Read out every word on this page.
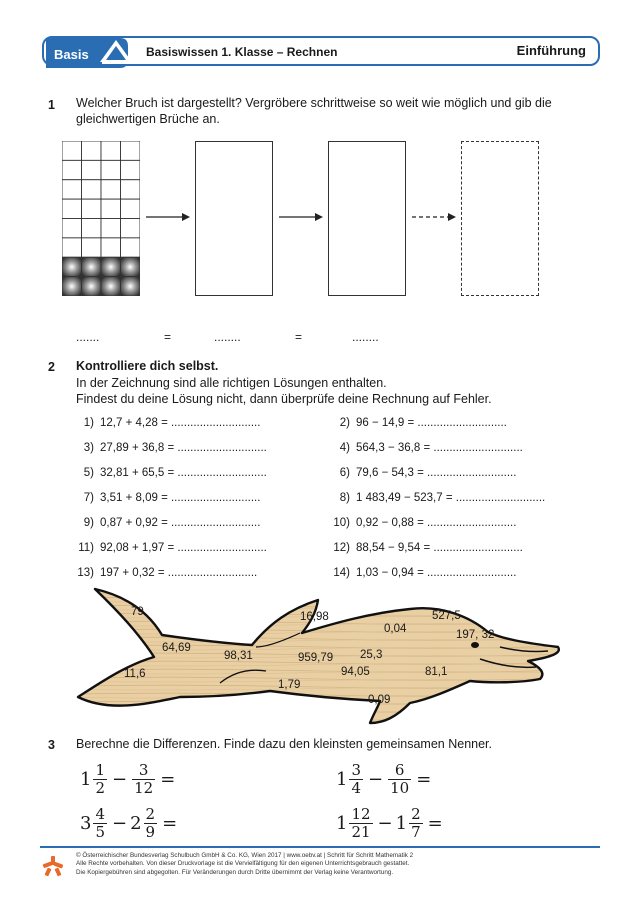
Basis	Basiswissen 1. Klasse – Rechnen	Einführung
1 Welcher Bruch ist dargestellt? Vergröbere schrittweise so weit wie möglich und gib die gleichwertigen Brüche an.
.......	=	........	=	........
2 Kontrolliere dich selbst.
In der Zeichnung sind alle richtigen Lösungen enthalten.
Findest du deine Lösung nicht, dann überprüfe deine Rechnung auf Fehler.
1) 12,7 + 4,28 = ............................
3) 27,89 + 36,8 = ............................
5) 32,81 + 65,5 = ............................
7) 3,51 + 8,09 = ............................
9) 0,87 + 0,92 = ............................
11) 92,08 + 1,97 = ............................
13) 197 + 0,32 = ............................
2) 96 − 14,9 = ............................
4) 564,3 − 36,8 = ............................
6) 79,6 − 54,3 = ............................
8) 1 483,49 − 523,7 = ............................
10) 0,92 − 0,88 = ............................
12) 88,54 − 9,54 = ............................
14) 1,03 − 0,94 = ............................
79	16,98	527,5
0,04	197, 32
64,69
98,31	959,79 25,3
11,6	94,05	81,1
1,79
0,09
3 Berechne die Differenzen. Finde dazu den kleinsten gemeinsamen Nenner.
$1 \frac{1}{2} - \frac{3}{12}$ =	$1 \frac{3}{4} - \frac{6}{10}$ =
$3 \frac{4}{5} - 2 \frac{2}{9}$ =	$1 \frac{12}{21} - 1 \frac{2}{7}$ =
© Österreichischer Bundesverlag Schulbuch GmbH & Co. KG, Wien 2017 | www.oebv.at | Schritt für Schritt Mathematik 2
Alle Rechte vorbehalten. Von dieser Druckvorlage ist die Vervielfältigung für den eigenen Unterrichtsgebrauch gestattet.
Die Kopiergebühren sind abgegolten. Für Veränderungen durch Dritte übernimmt der Verlag keine Verantwortung.
